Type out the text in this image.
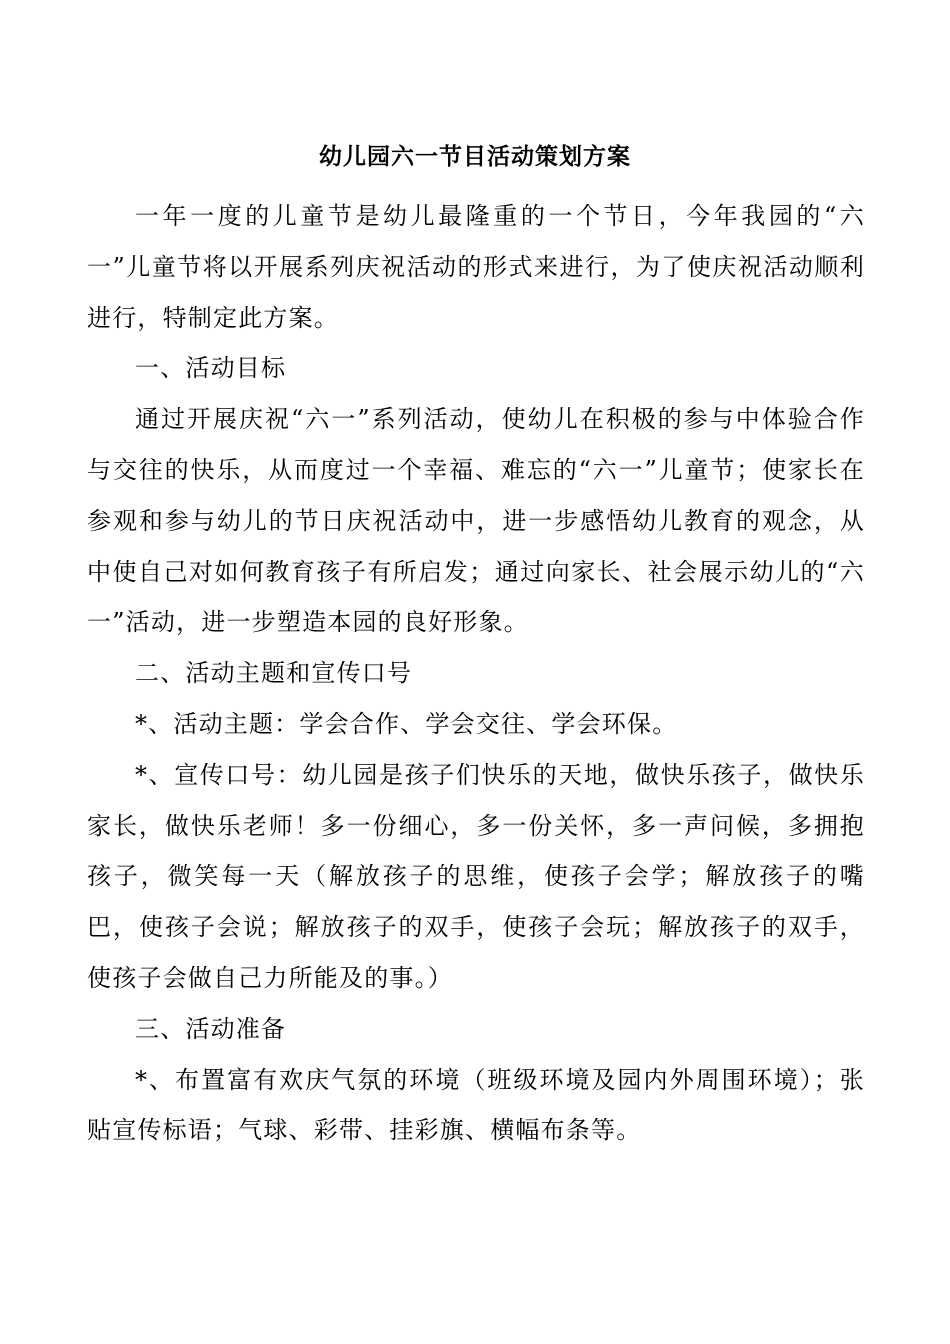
幼儿园六一节目活动策划方案

一年一度的儿童节是幼儿最隆重的一个节日，今年我园的“六一”儿童节将以开展系列庆祝活动的形式来进行，为了使庆祝活动顺利进行，特制定此方案。

一、活动目标

通过开展庆祝“六一”系列活动，使幼儿在积极的参与中体验合作与交往的快乐，从而度过一个幸福、难忘的“六一”儿童节；使家长在参观和参与幼儿的节日庆祝活动中，进一步感悟幼儿教育的观念，从中使自己对如何教育孩子有所启发；通过向家长、社会展示幼儿的“六一”活动，进一步塑造本园的良好形象。

二、活动主题和宣传口号

*、活动主题：学会合作、学会交往、学会环保。

*、宣传口号：幼儿园是孩子们快乐的天地，做快乐孩子，做快乐家长，做快乐老师！多一份细心，多一份关怀，多一声问候，多拥抱孩子，微笑每一天（解放孩子的思维，使孩子会学；解放孩子的嘴巴，使孩子会说；解放孩子的双手，使孩子会玩；解放孩子的双手，使孩子会做自己力所能及的事。）

三、活动准备

*、布置富有欢庆气氛的环境（班级环境及园内外周围环境）；张贴宣传标语；气球、彩带、挂彩旗、横幅布条等。
